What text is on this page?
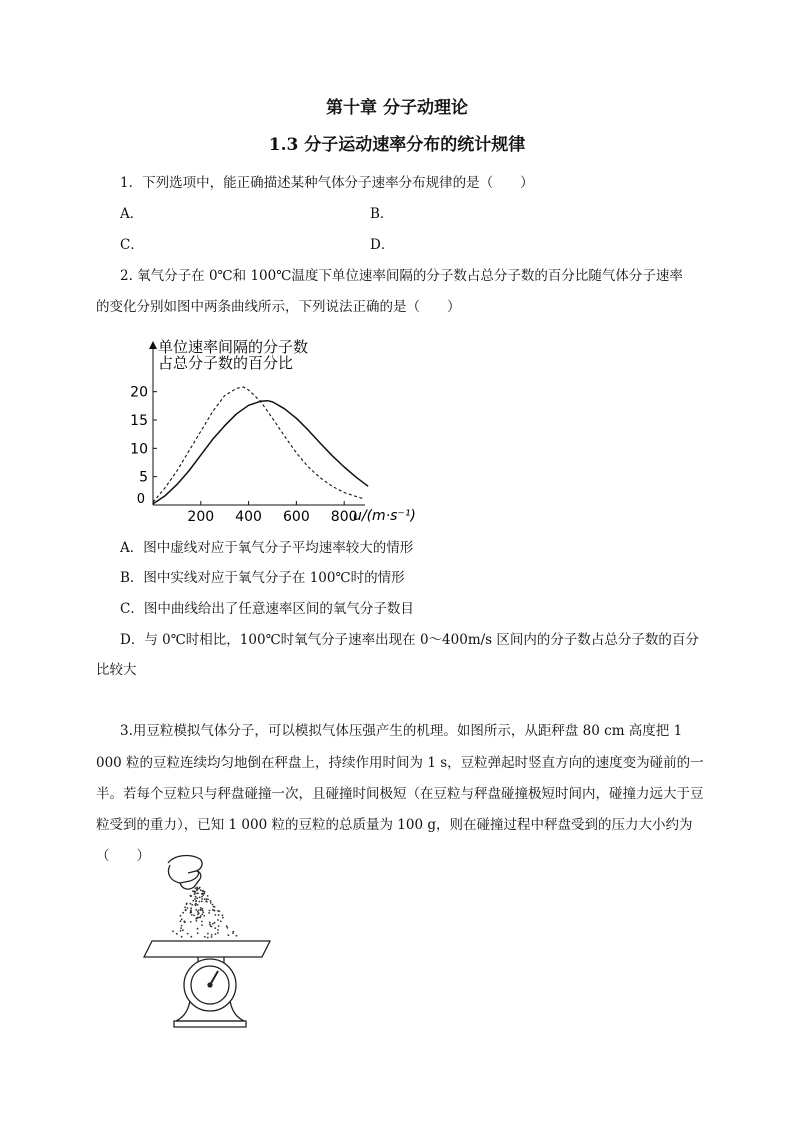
第十章 分子动理论
1.3 分子运动速率分布的统计规律
1．下列选项中，能正确描述某种气体分子速率分布规律的是（　　）
A．	B．
C．	D．
2. 氧气分子在 0℃和 100℃温度下单位速率间隔的分子数占总分子数的百分比随气体分子速率
的变化分别如图中两条曲线所示，下列说法正确的是（　　）
200 400 600 800
5
10
15
20
单位速率间隔的分子数
占总分子数的百分比
0
u/(m·s⁻¹)
A．图中虚线对应于氧气分子平均速率较大的情形
B．图中实线对应于氧气分子在 100℃时的情形
C．图中曲线给出了任意速率区间的氧气分子数目
D．与 0℃时相比，100℃时氧气分子速率出现在 0～400m/s 区间内的分子数占总分子数的百分
比较大
3.用豆粒模拟气体分子，可以模拟气体压强产生的机理。如图所示，从距秤盘 80 cm 高度把 1
000 粒的豆粒连续均匀地倒在秤盘上，持续作用时间为 1 s，豆粒弹起时竖直方向的速度变为碰前的一
半。若每个豆粒只与秤盘碰撞一次，且碰撞时间极短（在豆粒与秤盘碰撞极短时间内，碰撞力远大于豆
粒受到的重力），已知 1 000 粒的豆粒的总质量为 100 g，则在碰撞过程中秤盘受到的压力大小约为
（　　）
